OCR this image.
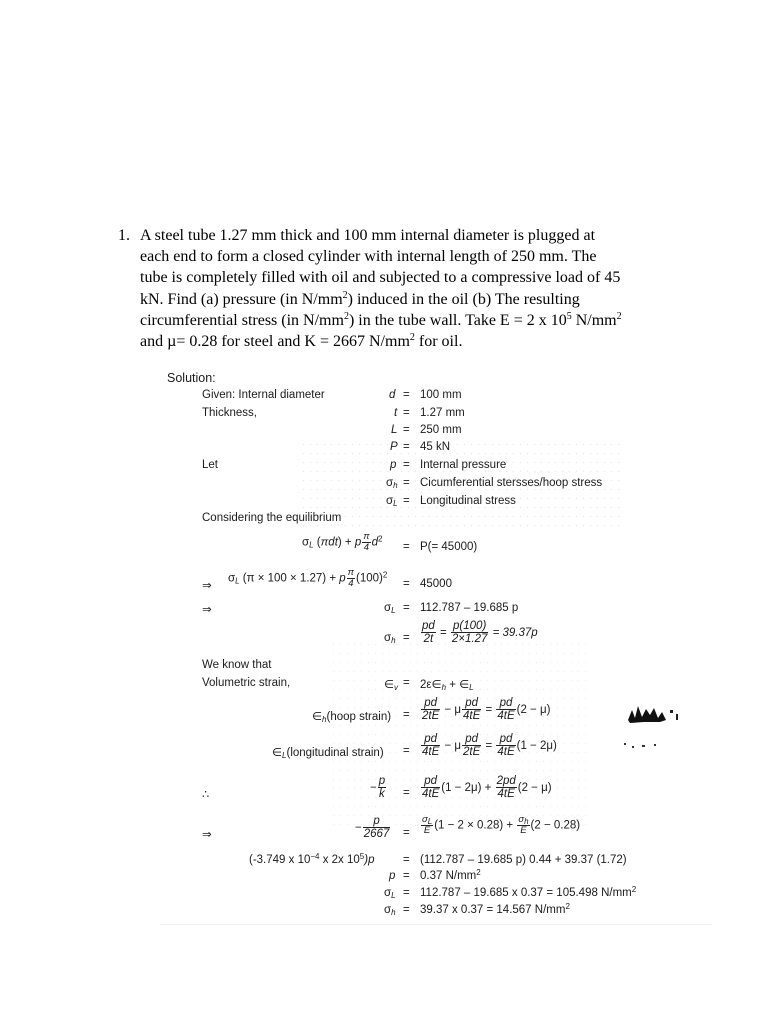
1. A steel tube 1.27 mm thick and 100 mm internal diameter is plugged at
each end to form a closed cylinder with internal length of 250 mm. The
tube is completely filled with oil and subjected to a compressive load of 45
kN. Find (a) pressure (in $N/mm^2$) induced in the oil (b) The resulting
circumferential stress (in $N/mm^2$) in the tube wall. Take E = 2 x $10^5$ $N/mm^2$
and µ= 0.28 for steel and K = 2667 $N/mm^2$ for oil.
Solution:
Given: Internal diameter
Thickness,
Let
d = 100 mm
t = 1.27 mm
L = 250 mm
P = 45 kN
p = Internal pressure
$\sigma_h$ = Cicumferential stersses/hoop stress
$\sigma_L$ = Longitudinal stress
Considering the equilibrium
$\sigma_L$ (πdt) + p $\frac{\pi}{4} d^2$
= P(= 45000)
⇒
$\sigma_L$ (π × 100 × 1.27) + p $\frac{\pi}{4} (100)^2$
= 45000
⇒	$\sigma_L = 112.787 - 19.685$ p
$\sigma_h = \frac{pd}{2t} = \frac{p(100)}{2\times 1.27} = 39.37p$
We know that
Volumetric strain,	$\in_v$ = $2\varepsilon\in_h$ + $\in_L$
$\in_h(hoop$ strain) = $\frac{pd}{2tE} - \mu \frac{pd}{4tE} = \frac{pd}{4tE} (2 - \mu)$
$\in_L(longitudinal$ strain) = $\frac{pd}{4tE} - \mu \frac{pd}{2tE} = \frac{pd}{4tE} (1 - 2\mu)$
∴
− $\frac{p}{k} = \frac{pd}{4tE} (1 - 2\mu) + \frac{2pd}{4tE} (2 - \mu)$
⇒
− $\frac{p}{2667} = \frac{\sigma_L}{E} (1 - 2 \times 0.28) + \frac{\sigma_h}{E} (2 - 0.28)$
(-3.749 x $10^{-4}$ x 2x $10^5)p = (112.787 - 19.685$ p) 0.44 + 39.37 (1.72)
p = 0.37 $N/mm^2$
$\sigma_L = 112.787 - 19.685$ x 0.37 = 105.498 $N/mm^2$
$\sigma_h = 39.37$ x 0.37 = 14.567 $N/mm^2$
